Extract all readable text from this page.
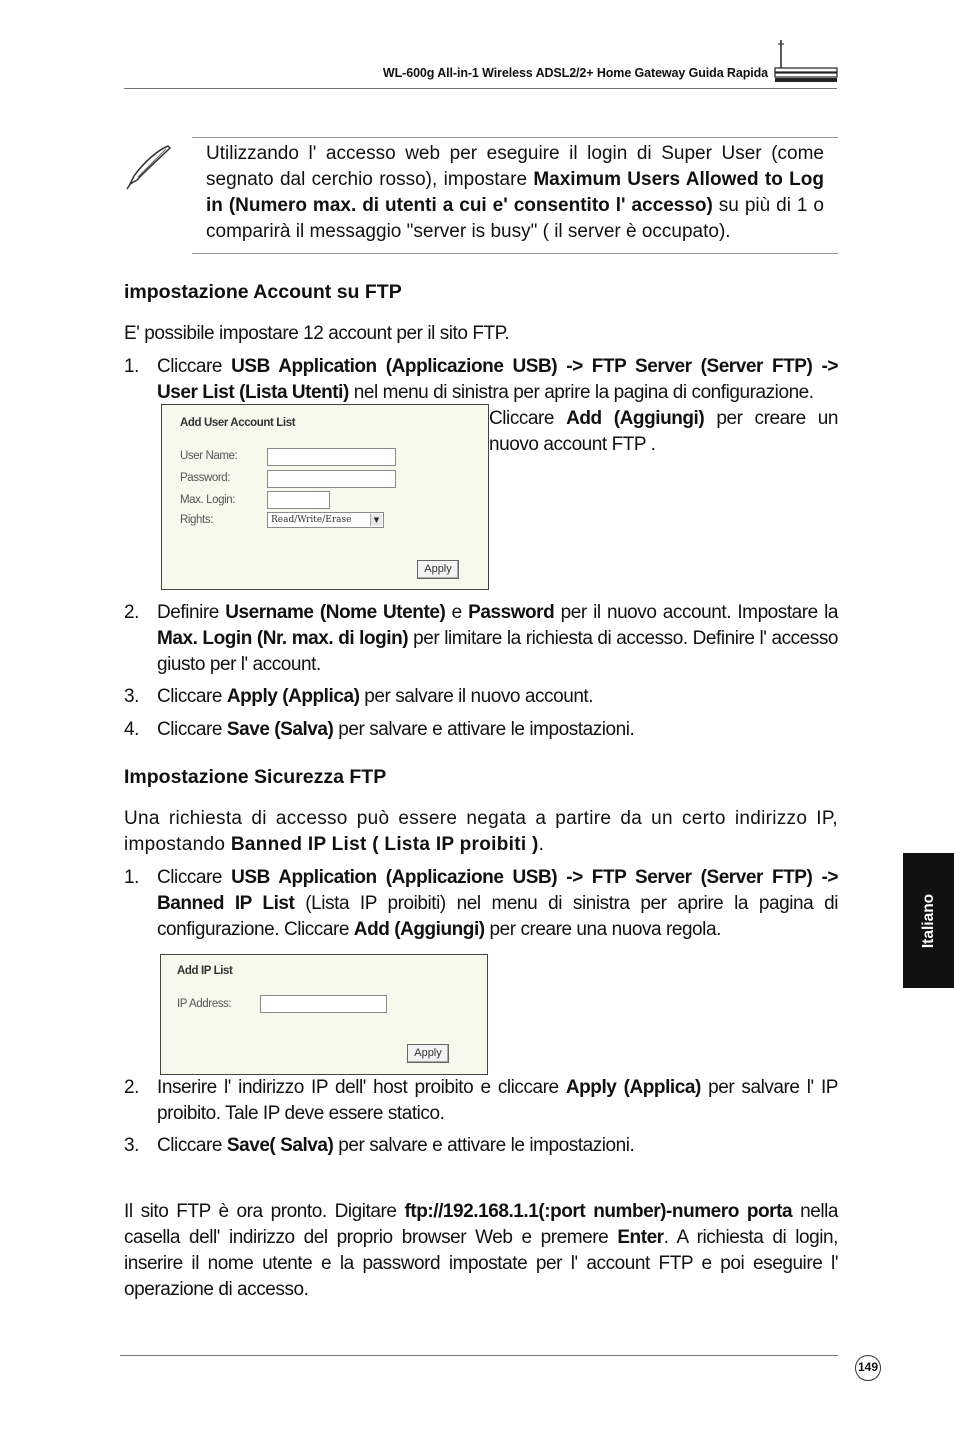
WL-600g All-in-1 Wireless ADSL2/2+ Home Gateway Guida Rapida
Utilizzando l' accesso web per eseguire il login di Super User (come segnato dal cerchio rosso), impostare Maximum Users Allowed to Log in (Numero max. di utenti a cui e' consentito l' accesso) su più di 1 o comparirà il messaggio "server is busy" ( il server è occupato).
impostazione Account su FTP
E' possibile impostare 12 account per il sito FTP.
1. Cliccare USB Application (Applicazione USB) -> FTP Server (Server FTP) -> User List (Lista Utenti) nel menu di sinistra per aprire la pagina di configurazione.
Cliccare Add (Aggiungi) per creare un nuovo account FTP .
Add User Account List
User Name:
Password:
Max. Login:
Rights:	Read/Write/Erase	▼
Apply
2. Definire Username (Nome Utente) e Password per il nuovo account. Impostare la Max. Login (Nr. max. di login) per limitare la richiesta di accesso. Definire l' accesso giusto per l' account.
3. Cliccare Apply (Applica) per salvare il nuovo account.
4. Cliccare Save (Salva) per salvare e attivare le impostazioni.
Impostazione Sicurezza FTP
Una richiesta di accesso può essere negata a partire da un certo indirizzo IP, impostando Banned IP List ( Lista IP proibiti ).
1. Cliccare USB Application (Applicazione USB) -> FTP Server (Server FTP) -> Banned IP List (Lista IP proibiti) nel menu di sinistra per aprire la pagina di configurazione. Cliccare Add (Aggiungi) per creare una nuova regola.
Add IP List
IP Address:
Apply
2. Inserire l' indirizzo IP dell' host proibito e cliccare Apply (Applica) per salvare l' IP proibito. Tale IP deve essere statico.
3. Cliccare Save( Salva) per salvare e attivare le impostazioni.
Il sito FTP è ora pronto. Digitare ftp://192.168.1.1(:port number)-numero porta nella casella dell' indirizzo del proprio browser Web e premere Enter. A richiesta di login, inserire il nome utente e la password impostate per l' account FTP e poi eseguire l' operazione di accesso.
Italiano
149
